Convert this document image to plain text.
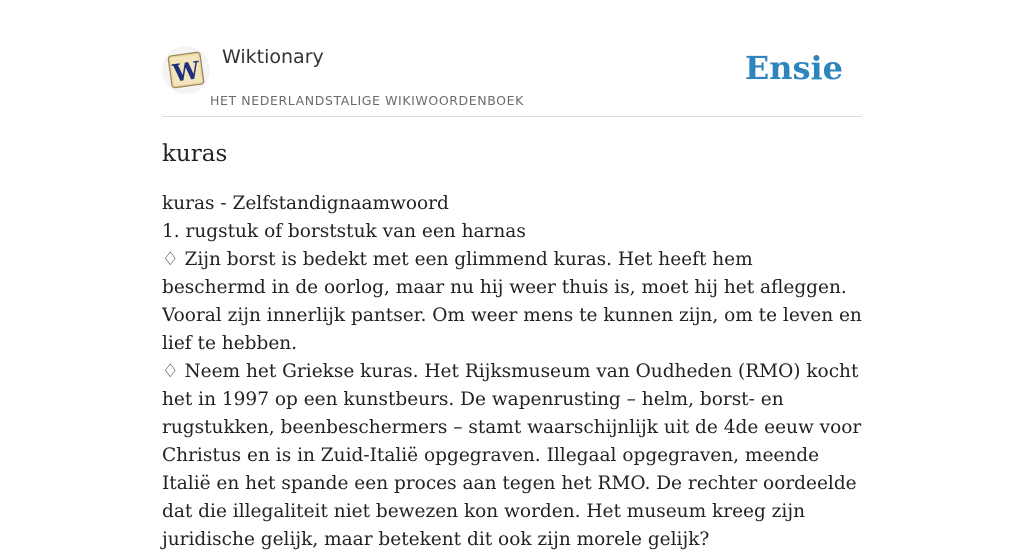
W Wiktionary
HET NEDERLANDSTALIGE WIKIWOORDENBOEK
Ensie
kuras
kuras - Zelfstandignaamwoord
1. rugstuk of borststuk van een harnas
♢ Zijn borst is bedekt met een glimmend kuras. Het heeft hem beschermd in de oorlog, maar nu hij weer thuis is, moet hij het afleggen. Vooral zijn innerlijk pantser. Om weer mens te kunnen zijn, om te leven en lief te hebben.
♢ Neem het Griekse kuras. Het Rijksmuseum van Oudheden (RMO) kocht het in 1997 op een kunstbeurs. De wapenrusting – helm, borst- en rugstukken, beenbeschermers – stamt waarschijnlijk uit de 4de eeuw voor Christus en is in Zuid-Italië opgegraven. Illegaal opgegraven, meende Italië en het spande een proces aan tegen het RMO. De rechter oordeelde dat die illegaliteit niet bewezen kon worden. Het museum kreeg zijn juridische gelijk, maar betekent dit ook zijn morele gelijk?
